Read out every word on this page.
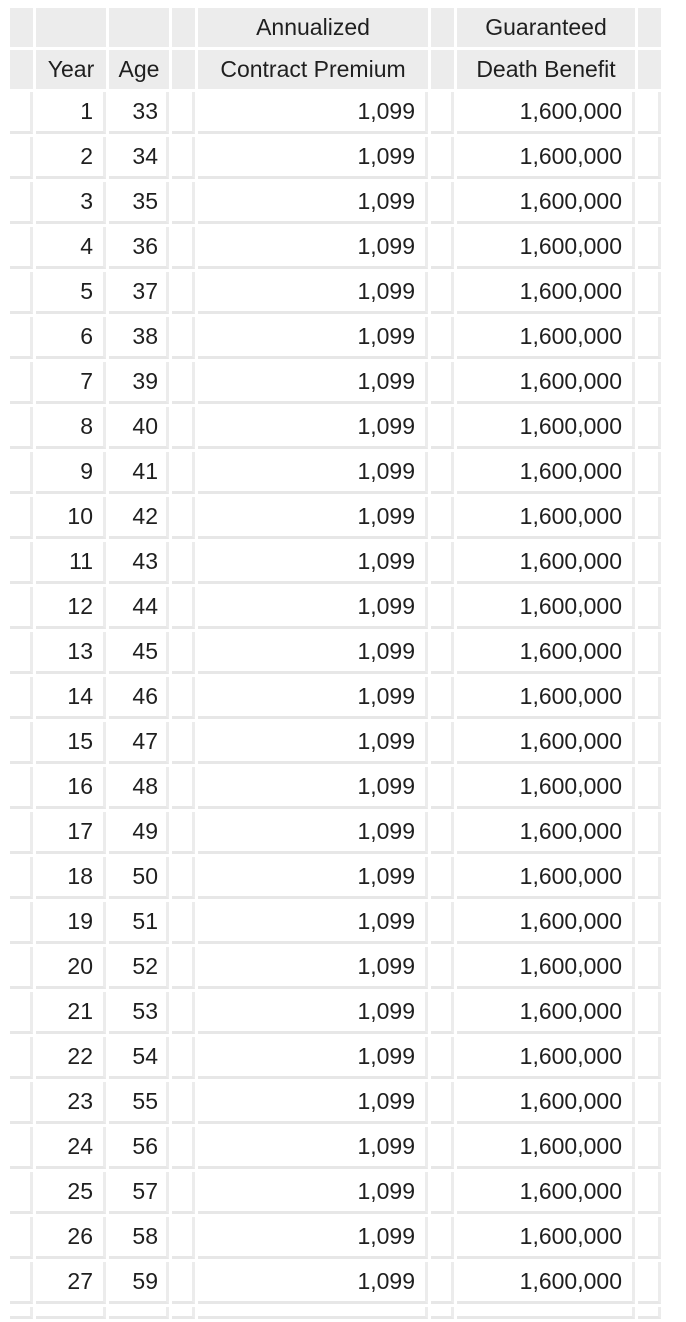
				Annualized		Guaranteed	
	Year	Age		Contract Premium		Death Benefit	
	1	33		1,099		1,600,000	
	2	34		1,099		1,600,000	
	3	35		1,099		1,600,000	
	4	36		1,099		1,600,000	
	5	37		1,099		1,600,000	
	6	38		1,099		1,600,000	
	7	39		1,099		1,600,000	
	8	40		1,099		1,600,000	
	9	41		1,099		1,600,000	
	10	42		1,099		1,600,000	
	11	43		1,099		1,600,000	
	12	44		1,099		1,600,000	
	13	45		1,099		1,600,000	
	14	46		1,099		1,600,000	
	15	47		1,099		1,600,000	
	16	48		1,099		1,600,000	
	17	49		1,099		1,600,000	
	18	50		1,099		1,600,000	
	19	51		1,099		1,600,000	
	20	52		1,099		1,600,000	
	21	53		1,099		1,600,000	
	22	54		1,099		1,600,000	
	23	55		1,099		1,600,000	
	24	56		1,099		1,600,000	
	25	57		1,099		1,600,000	
	26	58		1,099		1,600,000	
	27	59		1,099		1,600,000	
